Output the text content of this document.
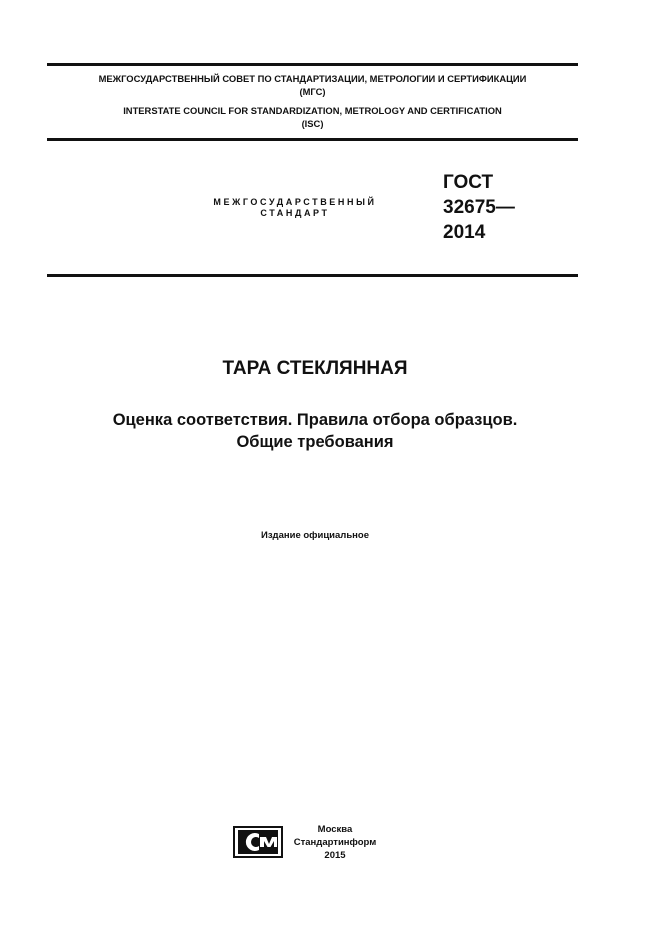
МЕЖГОСУДАРСТВЕННЫЙ СОВЕТ ПО СТАНДАРТИЗАЦИИ, МЕТРОЛОГИИ И СЕРТИФИКАЦИИ
(МГС)
INTERSTATE COUNCIL FOR STANDARDIZATION, METROLOGY AND CERTIFICATION
(ISC)
МЕЖГОСУДАРСТВЕННЫЙ
СТАНДАРТ
ГОСТ
32675—
2014
ТАРА СТЕКЛЯННАЯ
Оценка соответствия. Правила отбора образцов.
Общие требования
Издание официальное
Москва
Стандартинформ
2015
